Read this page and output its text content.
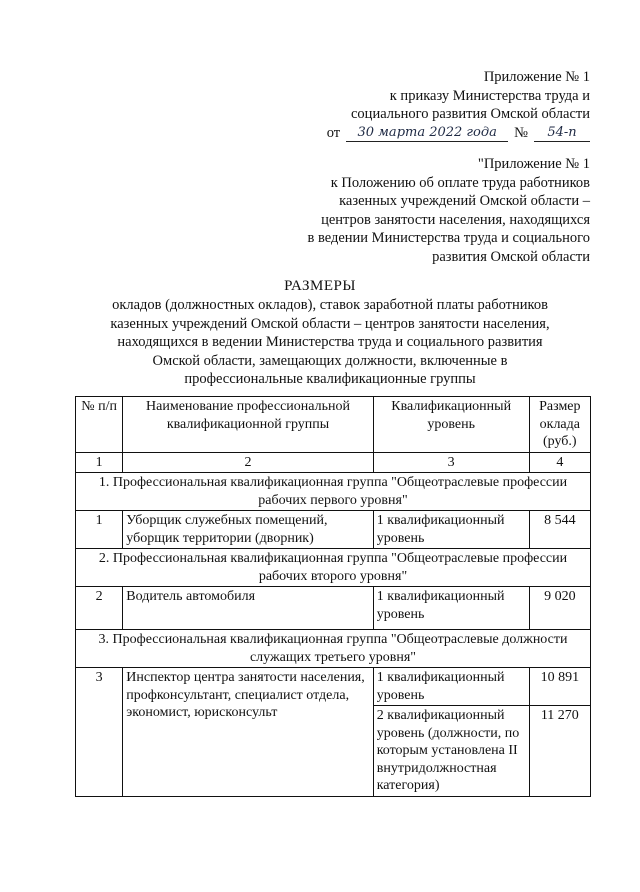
Приложение № 1
к приказу Министерства труда и
социального развития Омской области
от	30 марта 2022 года	№	54-п
"Приложение № 1
к Положению об оплате труда работников
казенных учреждений Омской области –
центров занятости населения, находящихся
в ведении Министерства труда и социального
развития Омской области
РАЗМЕРЫ
окладов (должностных окладов), ставок заработной платы работников
казенных учреждений Омской области – центров занятости населения,
находящихся в ведении Министерства труда и социального развития
Омской области, замещающих должности, включенные в
профессиональные квалификационные группы
№ п/п	Наименование профессиональной квалификационной группы	Квалификационный уровень	Размер оклада (руб.)
1	2	3	4
1. Профессиональная квалификационная группа "Общеотраслевые профессии рабочих первого уровня"			
1	Уборщик служебных помещений, уборщик территории (дворник)	1 квалификационный уровень	8 544
2. Профессиональная квалификационная группа "Общеотраслевые профессии рабочих второго уровня"			
2	Водитель автомобиля	1 квалификационный уровень	9 020
3. Профессиональная квалификационная группа "Общеотраслевые должности служащих третьего уровня"			
3	Инспектор центра занятости населения, профконсультант, специалист отдела, экономист, юрисконсульт	1 квалификационный уровень	10 891
		2 квалификационный уровень (должности, по которым установлена II внутридолжностная категория)	11 270
